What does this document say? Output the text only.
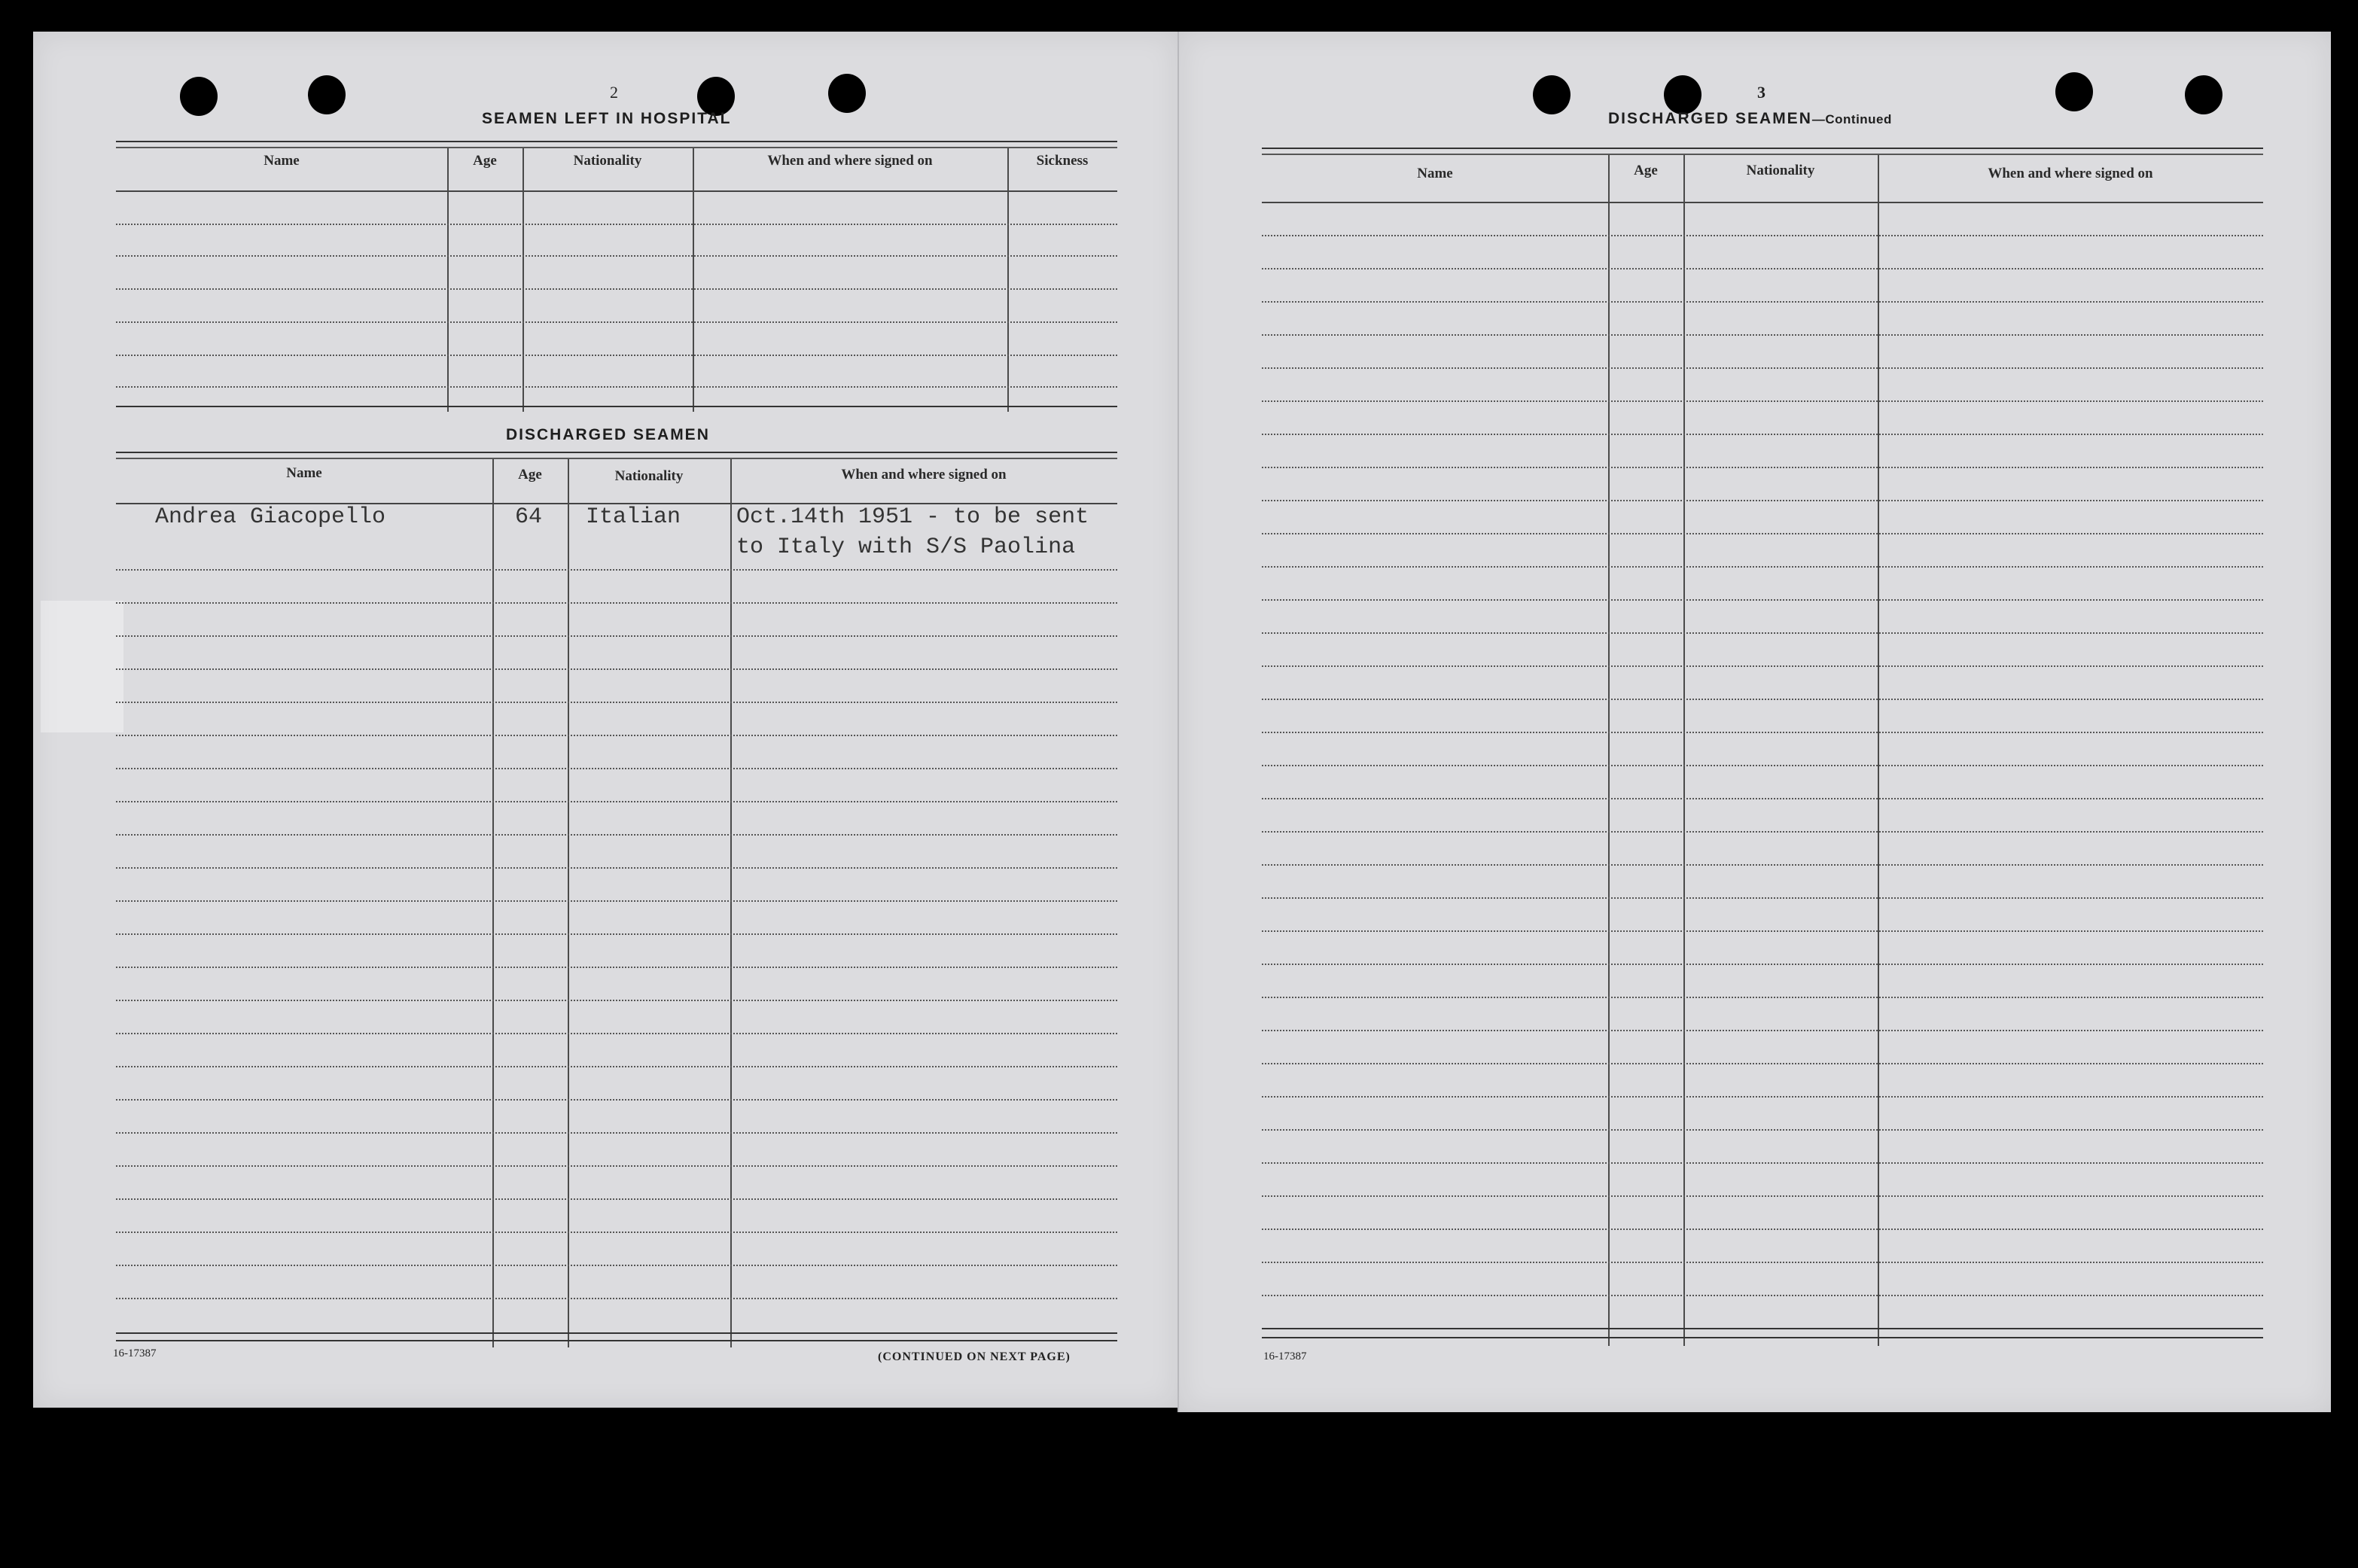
2
SEAMEN LEFT IN HOSPITAL
Name	Age	Nationality	When and where signed on	Sickness
DISCHARGED SEAMEN
Name	Age	Nationality	When and where signed on
Andrea Giacopello	64 Italian Oct.14th 1951 - to be sent
to Italy with S/S Paolina
16-17387	(CONTINUED ON NEXT PAGE)
3
DISCHARGED SEAMEN—Continued
Name	Age	Nationality	When and where signed on
16-17387
